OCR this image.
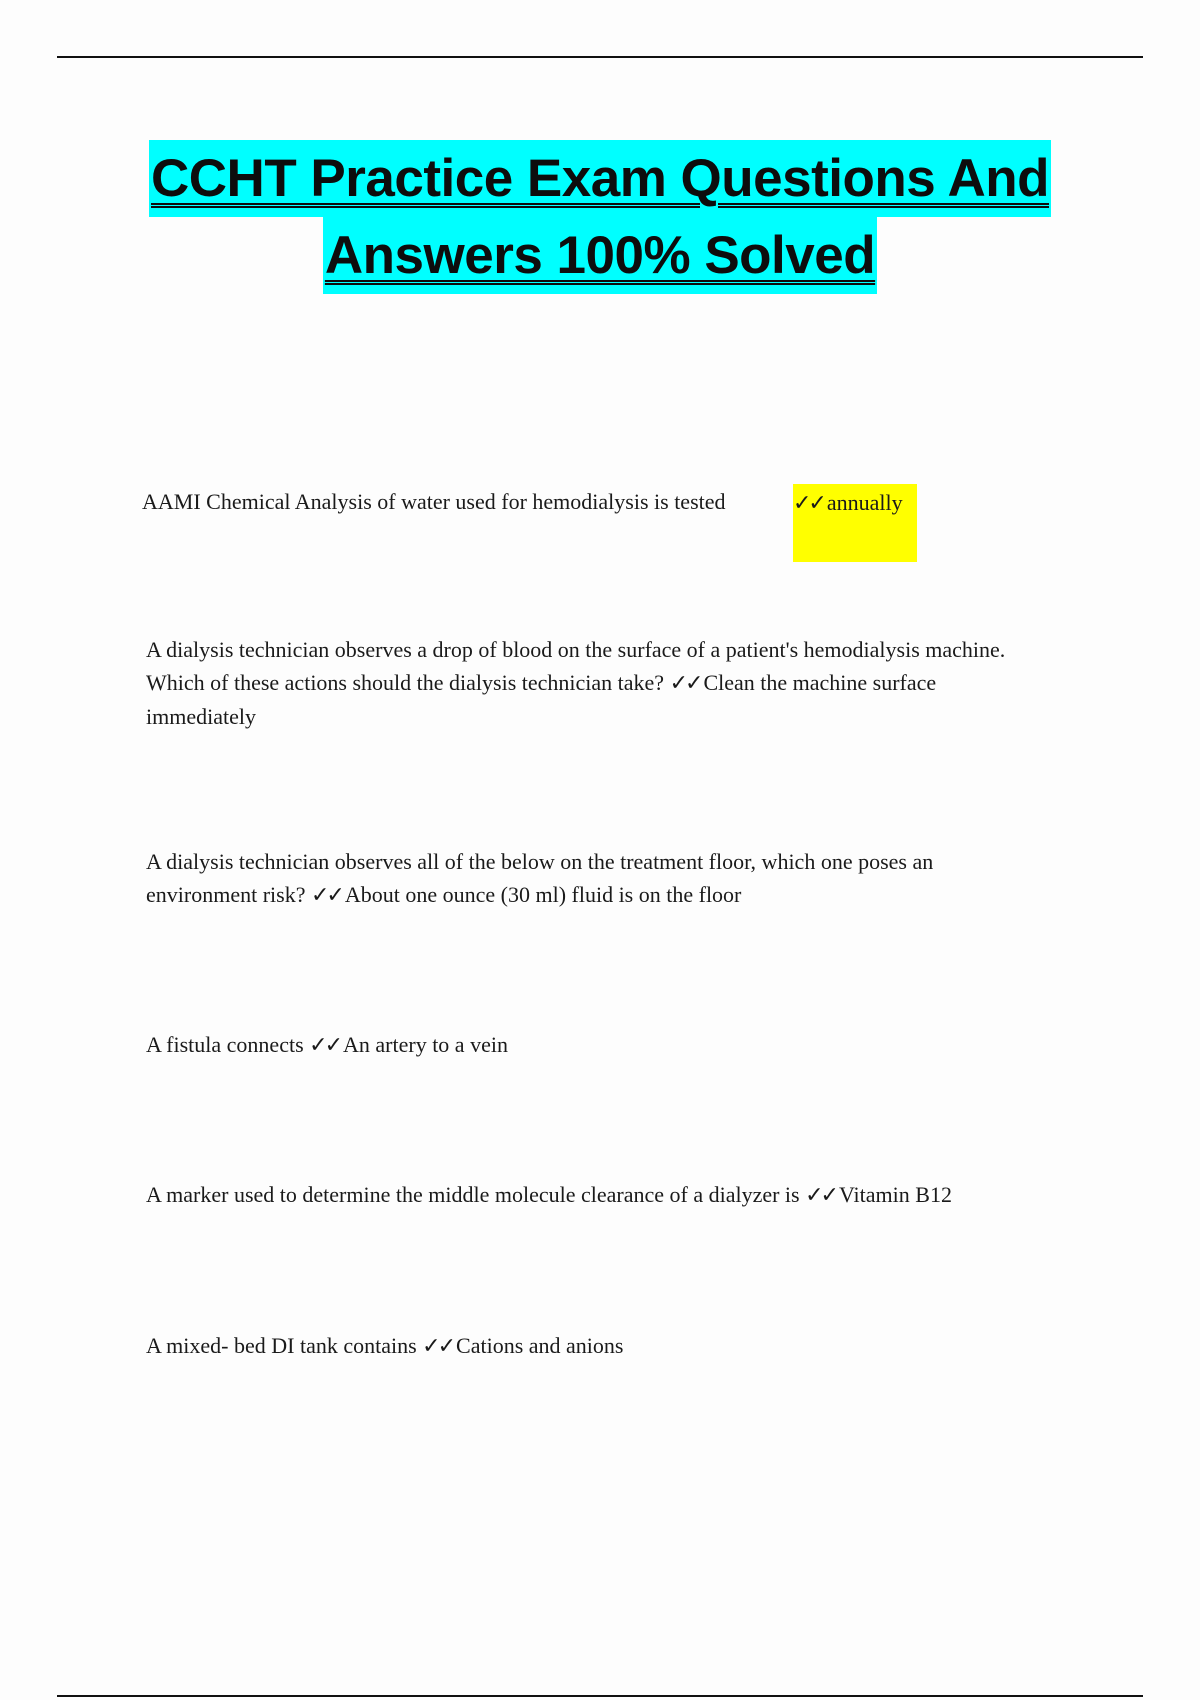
CCHT Practice Exam Questions And
Answers 100% Solved
AAMI Chemical Analysis of water used for hemodialysis is tested	✓✓ annually
A dialysis technician observes a drop of blood on the surface of a patient's hemodialysis machine. Which of these actions should the dialysis technician take? ✓✓ Clean the machine surface immediately
A dialysis technician observes all of the below on the treatment floor, which one poses an environment risk? ✓✓ About one ounce (30 ml) fluid is on the floor
A fistula connects ✓✓ An artery to a vein
A marker used to determine the middle molecule clearance of a dialyzer is ✓✓ Vitamin B12
A mixed- bed DI tank contains ✓✓ Cations and anions
